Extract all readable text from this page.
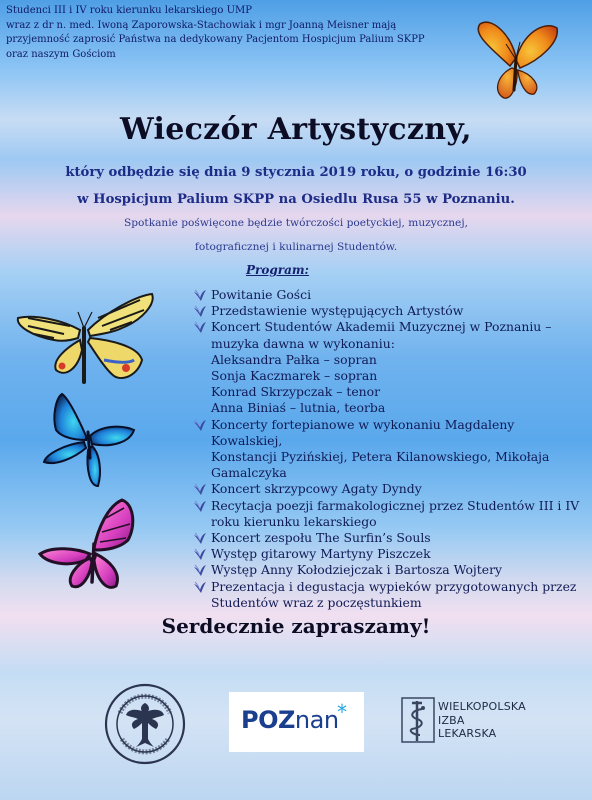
Studenci III i IV roku kierunku lekarskiego UMP
wraz z dr n. med. Iwoną Zaporowska-Stachowiak i mgr Joanną Meisner mają
przyjemność zaprosić Państwa na dedykowany Pacjentom Hospicjum Palium SKPP
oraz naszym Gościom
Wieczór Artystyczny,
który odbędzie się dnia 9 stycznia 2019 roku, o godzinie 16:30
w Hospicjum Palium SKPP na Osiedlu Rusa 55 w Poznaniu.
Spotkanie poświęcone będzie twórczości poetyckiej, muzycznej,
fotograficznej i kulinarnej Studentów.
Program:
Powitanie Gości
Przedstawienie występujących Artystów
Koncert Studentów Akademii Muzycznej w Poznaniu –
muzyka dawna w wykonaniu:
Aleksandra Pałka – sopran
Sonja Kaczmarek – sopran
Konrad Skrzypczak – tenor
Anna Biniaś – lutnia, teorba
Koncerty fortepianowe w wykonaniu Magdaleny Kowalskiej,
Konstancji Pyzińskiej, Petera Kilanowskiego, Mikołaja
Gamalczyka
Koncert skrzypcowy Agaty Dyndy
Recytacja poezji farmakologicznej przez Studentów III i IV
roku kierunku lekarskiego
Koncert zespołu The Surfin’s Souls
Występ gitarowy Martyny Piszczek
Występ Anny Kołodziejczak i Bartosza Wojtery
Prezentacja i degustacja wypieków przygotowanych przez
Studentów wraz z poczęstunkiem
Serdecznie zapraszamy!
POZnan
*	WIELKOPOLSKA
IZBA
LEKARSKA
